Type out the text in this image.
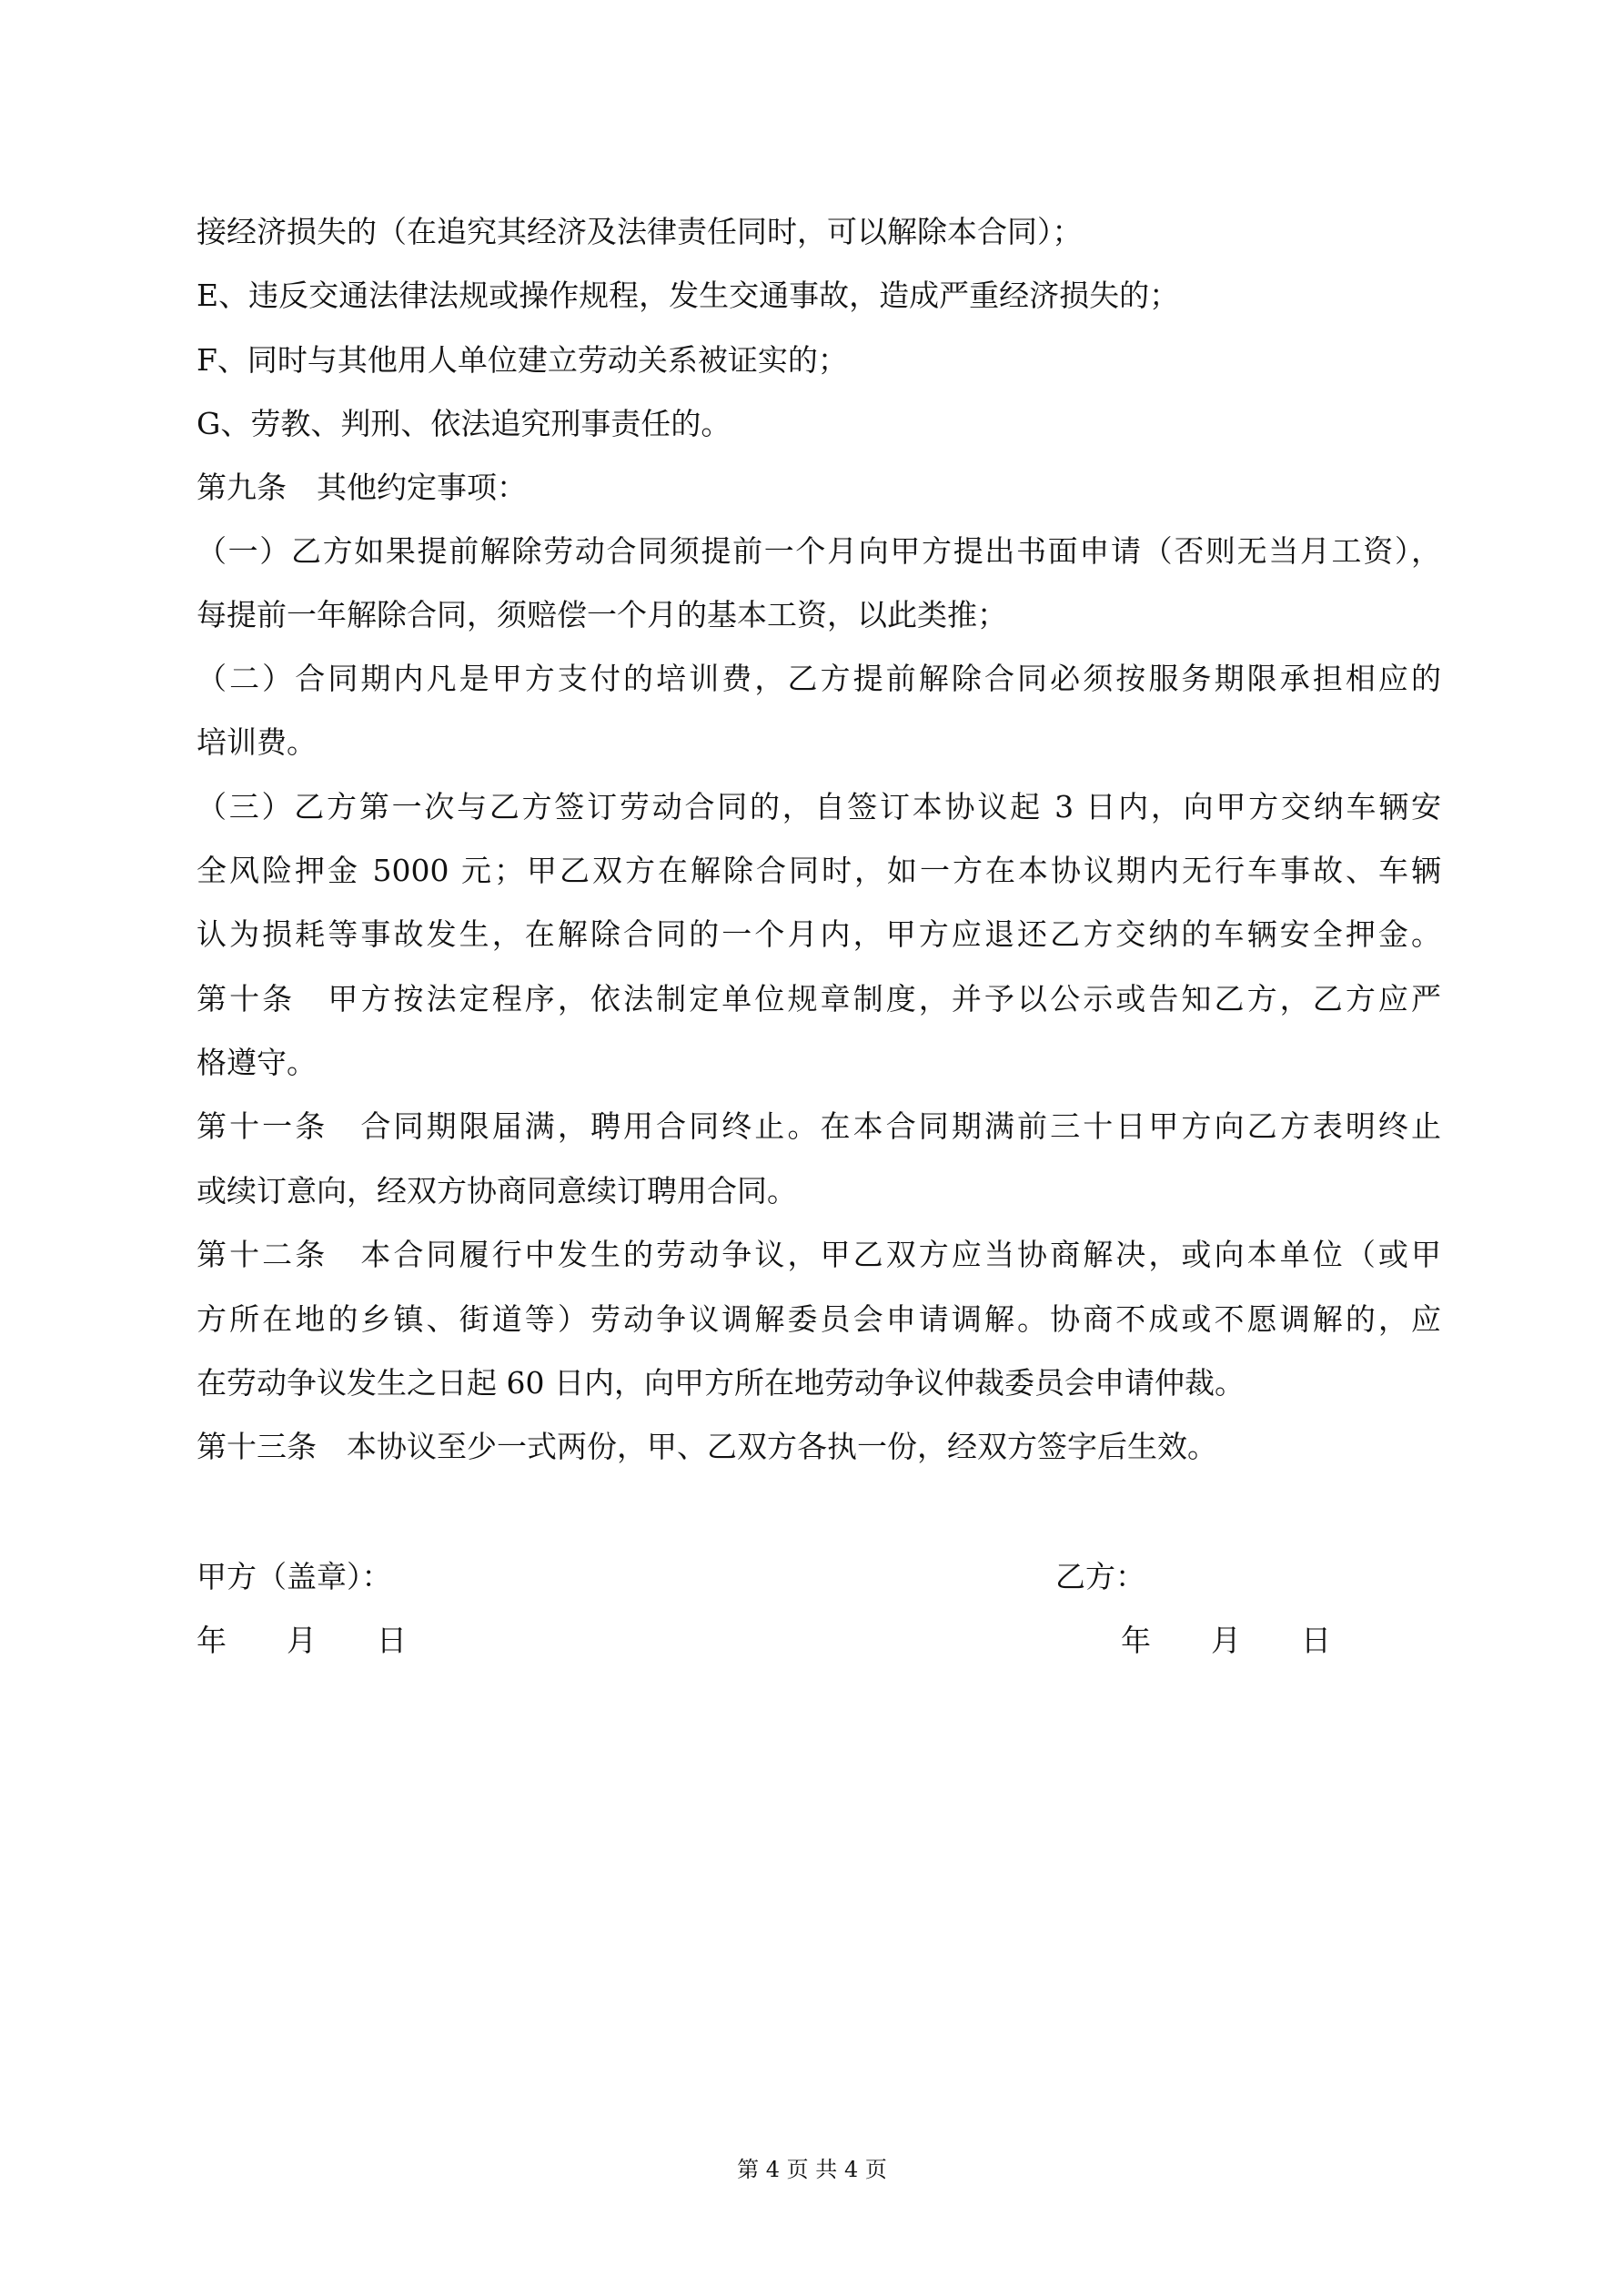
接经济损失的（在追究其经济及法律责任同时，可以解除本合同）；
E、违反交通法律法规或操作规程，发生交通事故，造成严重经济损失的；
F、同时与其他用人单位建立劳动关系被证实的；
G、劳教、判刑、依法追究刑事责任的。
第九条　其他约定事项：
（一）乙方如果提前解除劳动合同须提前一个月向甲方提出书面申请（否则无当月工资），
每提前一年解除合同，须赔偿一个月的基本工资，以此类推；
（二）合同期内凡是甲方支付的培训费，乙方提前解除合同必须按服务期限承担相应的
培训费。
（三）乙方第一次与乙方签订劳动合同的，自签订本协议起 3 日内，向甲方交纳车辆安
全风险押金 5000 元；甲乙双方在解除合同时，如一方在本协议期内无行车事故、车辆
认为损耗等事故发生，在解除合同的一个月内，甲方应退还乙方交纳的车辆安全押金。
第十条　甲方按法定程序，依法制定单位规章制度，并予以公示或告知乙方，乙方应严
格遵守。
第十一条　合同期限届满，聘用合同终止。在本合同期满前三十日甲方向乙方表明终止
或续订意向，经双方协商同意续订聘用合同。
第十二条　本合同履行中发生的劳动争议，甲乙双方应当协商解决，或向本单位（或甲
方所在地的乡镇、街道等）劳动争议调解委员会申请调解。协商不成或不愿调解的，应
在劳动争议发生之日起 60 日内，向甲方所在地劳动争议仲裁委员会申请仲裁。
第十三条　本协议至少一式两份，甲、乙双方各执一份，经双方签字后生效。
甲方（盖章）：	乙方：
年　　月　　日	年　　月　　日
第 4 页 共 4 页
